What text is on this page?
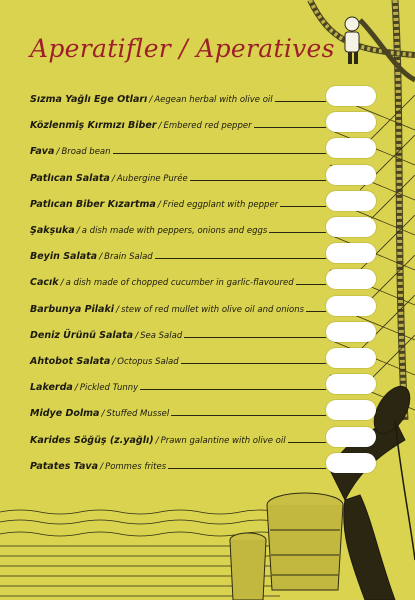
Aperatifler / Aperatives
Sızma Yağlı Ege Otları / Aegean herbal with olive oil
Közlenmiş Kırmızı Biber / Embered red pepper
Fava / Broad bean
Patlıcan Salata / Aubergine Purée
Patlıcan Biber Kızartma / Fried eggplant with pepper
Şakşuka / a dish made with peppers, onions and eggs
Beyin Salata / Brain Salad
Cacık / a dish made of chopped cucumber in garlic-flavoured
Barbunya Pilaki / stew of red mullet with olive oil and onions
Deniz Ürünü Salata / Sea Salad
Ahtobot Salata / Octopus Salad
Lakerda / Pickled Tunny
Midye Dolma / Stuffed Mussel
Karides Söğüş (z.yağlı) / Prawn galantine with olive oil
Patates Tava / Pommes frites
